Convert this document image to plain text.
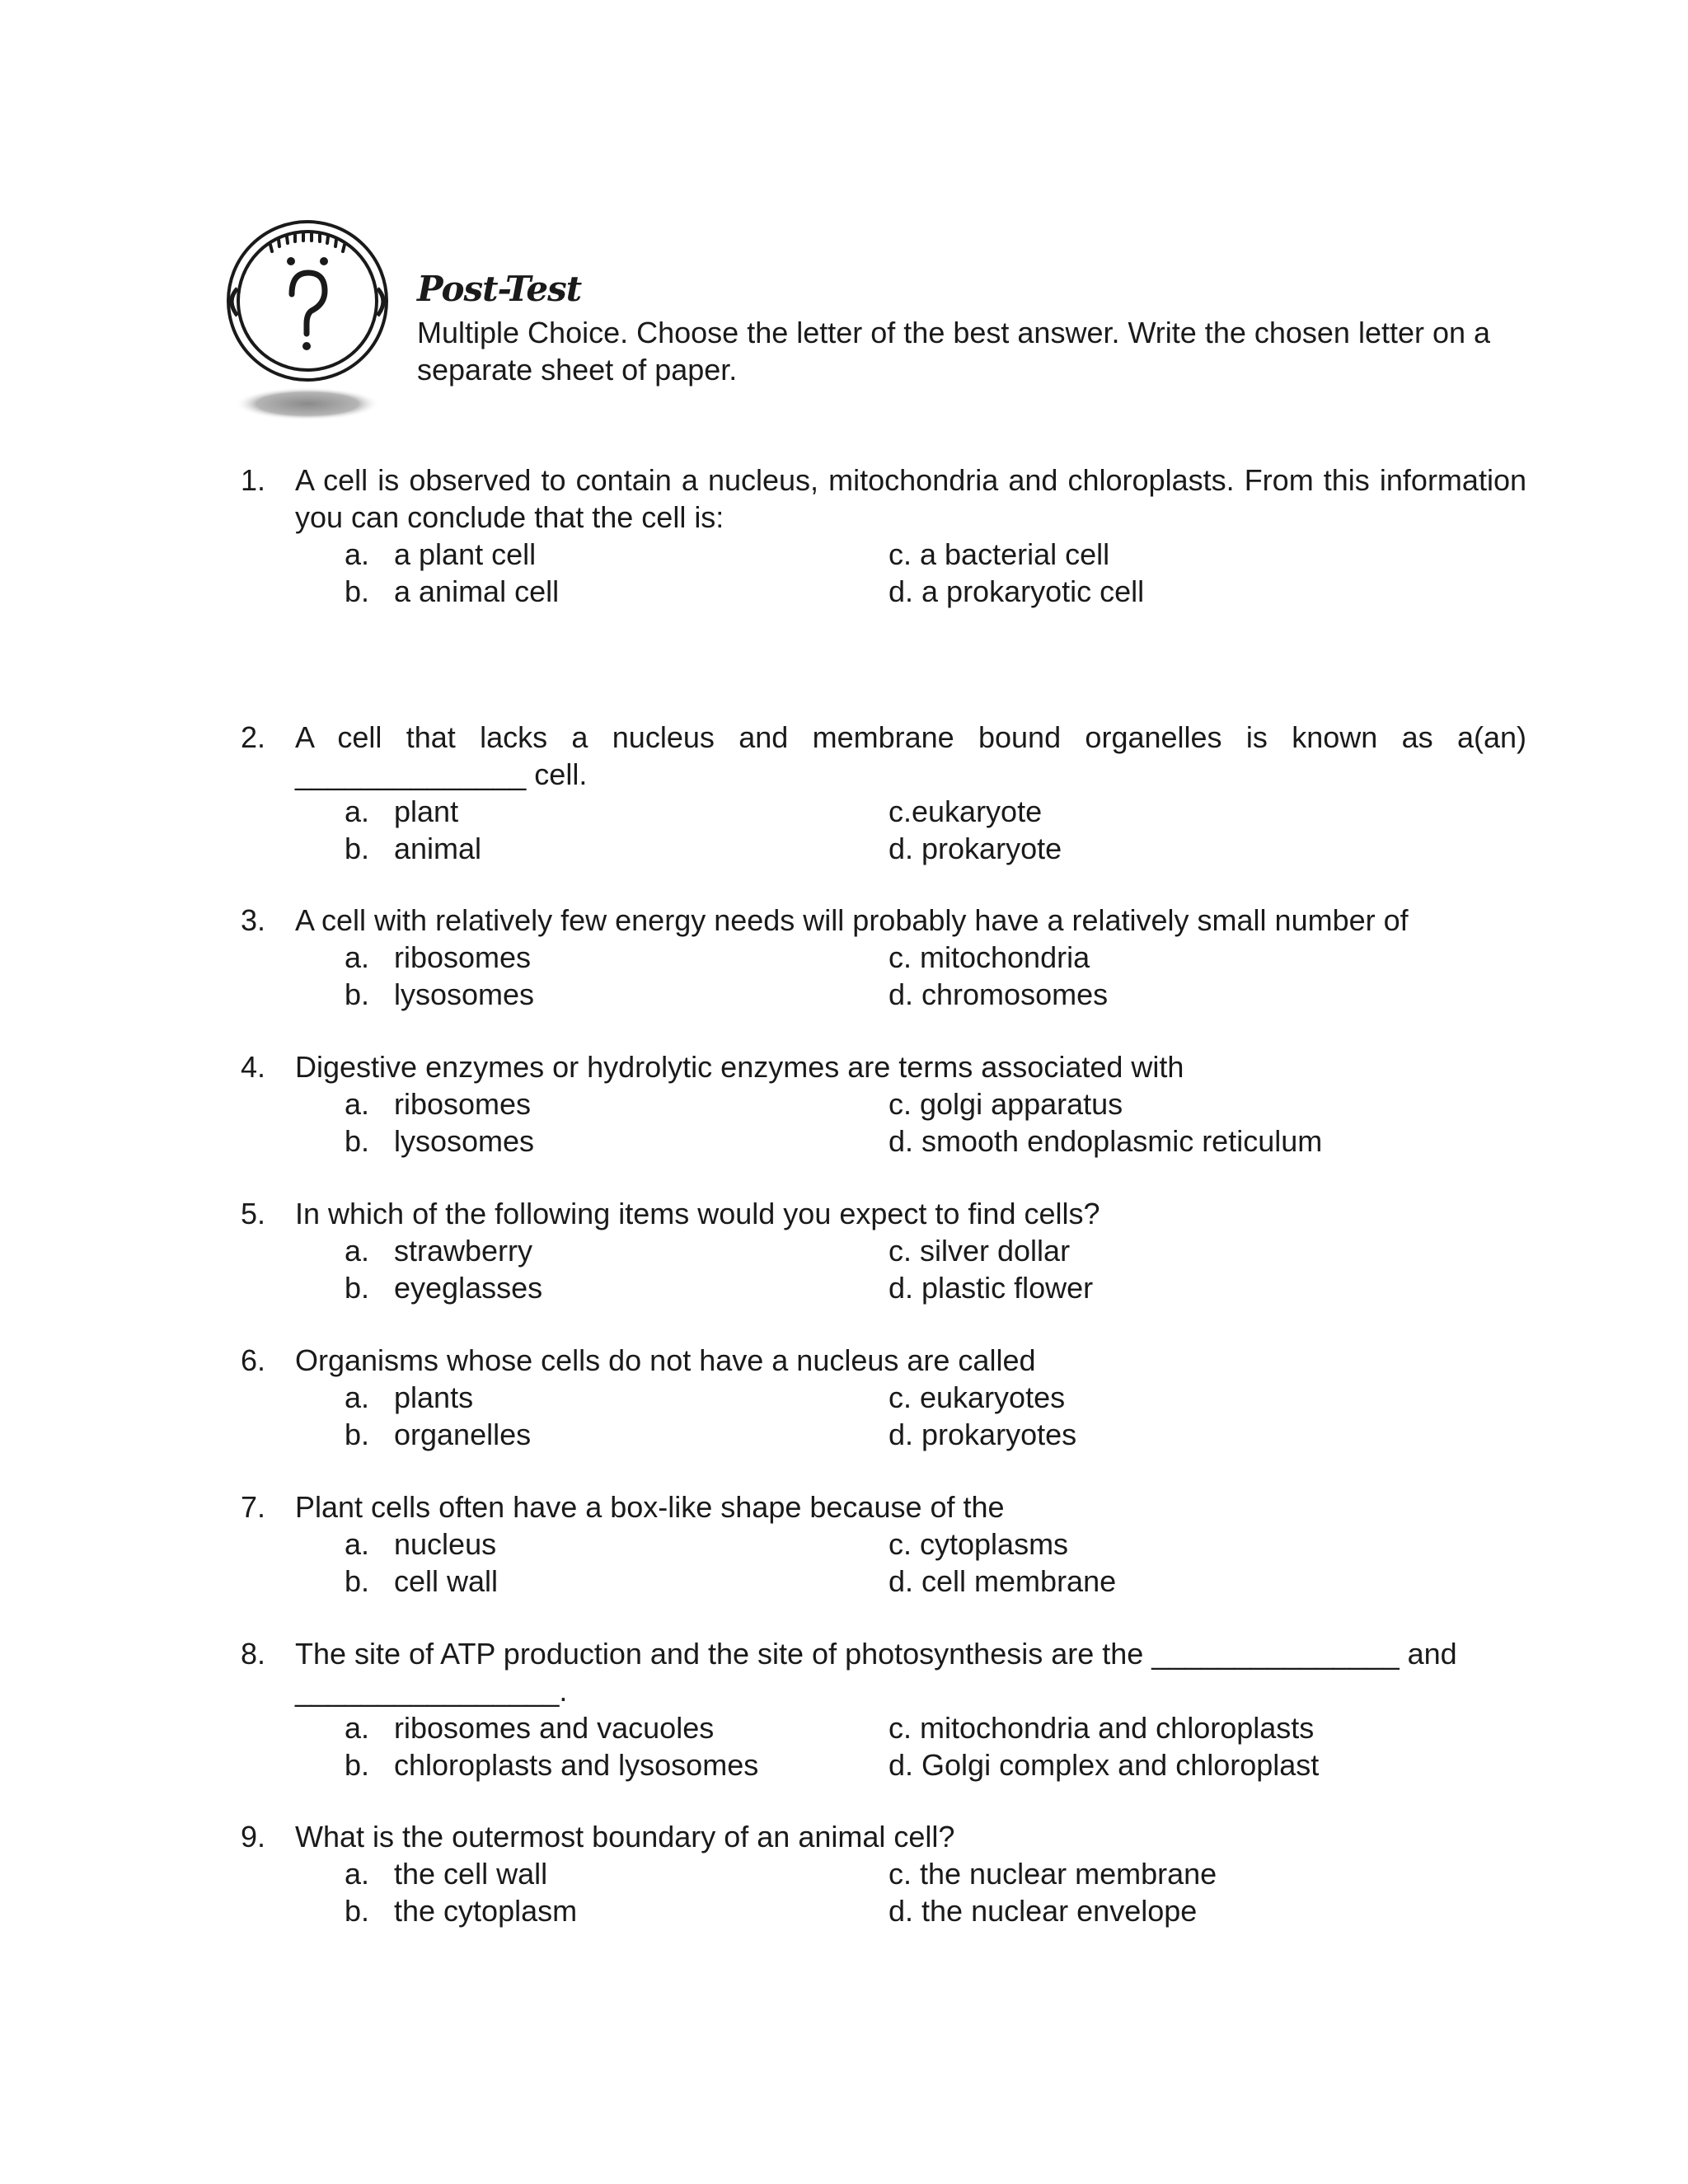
Post-Test

Multiple Choice. Choose the letter of the best answer. Write the chosen letter on a separate sheet of paper.

1. A cell is observed to contain a nucleus, mitochondria and chloroplasts. From this information you can conclude that the cell is:
a. a plant cell
b. a animal cell
c. a bacterial cell
d. a prokaryotic cell
2. A cell that lacks a nucleus and membrane bound organelles is known as a(an) ______________ cell.
a. plant
b. animal
c.eukaryote
d. prokaryote
3. A cell with relatively few energy needs will probably have a relatively small number of
a. ribosomes
b. lysosomes
c. mitochondria
d. chromosomes
4. Digestive enzymes or hydrolytic enzymes are terms associated with
a. ribosomes
b. lysosomes
c. golgi apparatus
d. smooth endoplasmic reticulum
5. In which of the following items would you expect to find cells?
a. strawberry
b. eyeglasses
c. silver dollar
d. plastic flower
6. Organisms whose cells do not have a nucleus are called
a. plants
b. organelles
c. eukaryotes
d. prokaryotes
7. Plant cells often have a box-like shape because of the
a. nucleus
b. cell wall
c. cytoplasms
d. cell membrane
8. The site of ATP production and the site of photosynthesis are the _______________ and ________________.
a. ribosomes and vacuoles
b. chloroplasts and lysosomes
c. mitochondria and chloroplasts
d. Golgi complex and chloroplast
9. What is the outermost boundary of an animal cell?
a. the cell wall
b. the cytoplasm
c. the nuclear membrane
d. the nuclear envelope
